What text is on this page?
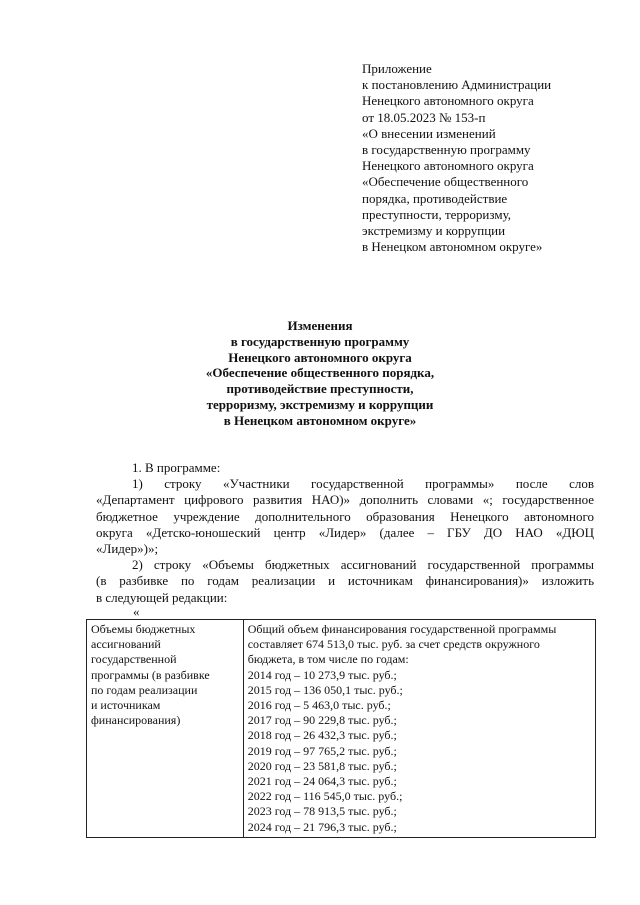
Приложение
к постановлению Администрации
Ненецкого автономного округа
от 18.05.2023 № 153-п
«О внесении изменений
в государственную программу
Ненецкого автономного округа
«Обеспечение общественного
порядка, противодействие
преступности, терроризму,
экстремизму и коррупции
в Ненецком автономном округе»
Изменения
в государственную программу
Ненецкого автономного округа
«Обеспечение общественного порядка,
противодействие преступности,
терроризму, экстремизму и коррупции
в Ненецком автономном округе»
1. В программе:
1) строку «Участники государственной программы» после слов
«Департамент цифрового развития НАО)» дополнить словами «; государственное
бюджетное учреждение дополнительного образования Ненецкого автономного
округа «Детско-юношеский центр «Лидер» (далее – ГБУ ДО НАО «ДЮЦ
«Лидер»)»;
2) строку «Объемы бюджетных ассигнований государственной программы
(в разбивке по годам реализации и источникам финансирования)» изложить
в следующей редакции:
«
Объемы бюджетных
ассигнований
государственной
программы (в разбивке
по годам реализации
и источникам
финансирования)

Общий объем финансирования государственной программы
составляет 674 513,0 тыс. руб. за счет средств окружного
бюджета, в том числе по годам:
2014 год – 10 273,9 тыс. руб.;
2015 год – 136 050,1 тыс. руб.;
2016 год – 5 463,0 тыс. руб.;
2017 год – 90 229,8 тыс. руб.;
2018 год – 26 432,3 тыс. руб.;
2019 год – 97 765,2 тыс. руб.;
2020 год – 23 581,8 тыс. руб.;
2021 год – 24 064,3 тыс. руб.;
2022 год – 116 545,0 тыс. руб.;
2023 год – 78 913,5 тыс. руб.;
2024 год – 21 796,3 тыс. руб.;
